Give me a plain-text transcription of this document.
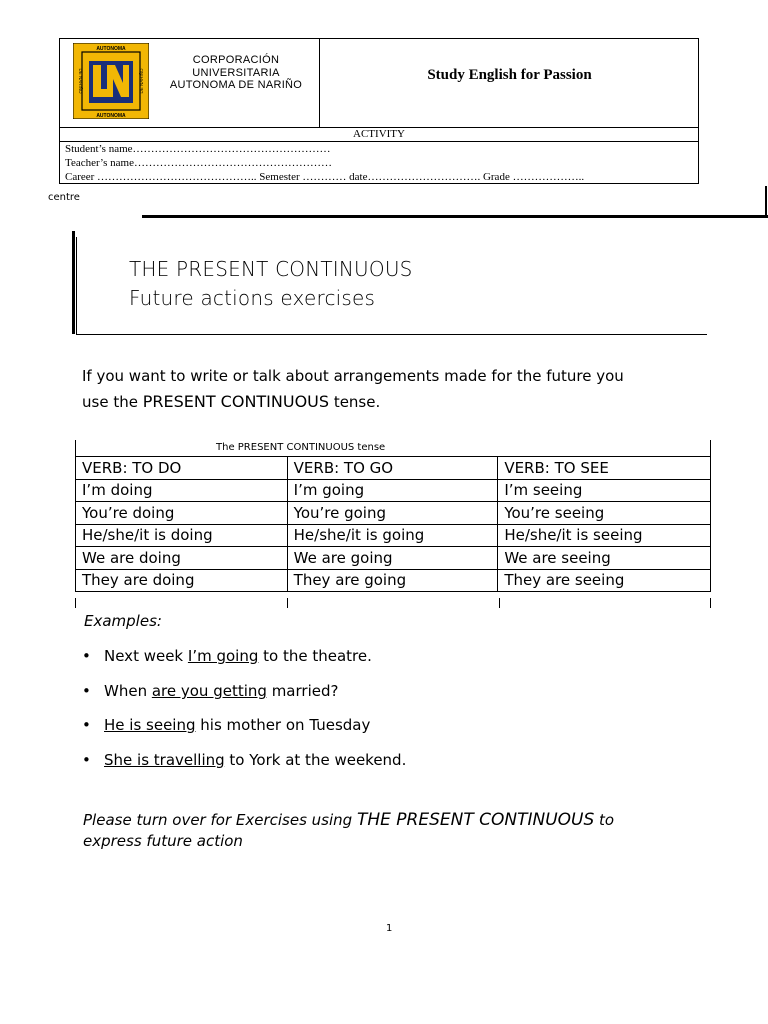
AUTONOMA
AUTONOMA
DE NARIÑO	DE NARIÑO
CORPORACIÓN
UNIVERSITARIA
AUTONOMA DE NARIÑO
Study English for Passion
ACTIVITY
Student’s name………………………………………………
Teacher’s name………………………………………………
Career …………………………………….. Semester ………… date…………………………. Grade ………………..
centre
THE PRESENT CONTINUOUS
Future actions exercises
If you want to write or talk about arrangements made for the future you
use the PRESENT CONTINUOUS tense.
The PRESENT CONTINUOUS tense
VERB: TO DO	VERB: TO GO	VERB: TO SEE
I’m doing	I’m going	I’m seeing
You’re doing	You’re going	You’re seeing
He/she/it is doing	He/she/it is going	He/she/it is seeing
We are doing	We are going	We are seeing
They are doing	They are going	They are seeing
Examples:
• Next week I’m going to the theatre.
• When are you getting married?
• He is seeing his mother on Tuesday
• She is travelling to York at the weekend.
Please turn over for Exercises using THE PRESENT CONTINUOUS to
express future action
1
